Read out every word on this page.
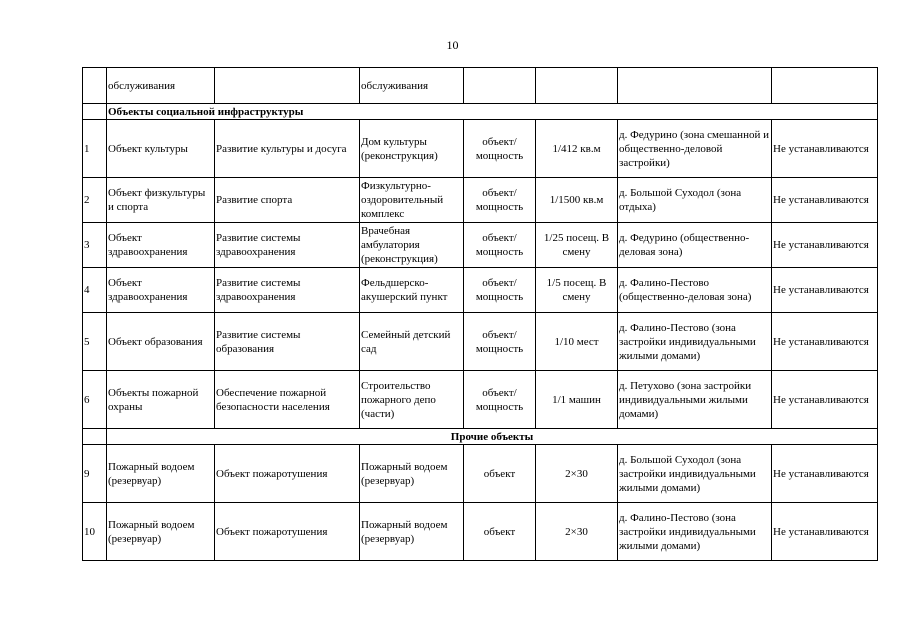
10
	обслуживания		обслуживания				
	Объекты социальной инфраструктуры						
1	Объект культуры	Развитие культуры и досуга	Дом культуры (реконструкция)	объект/ мощность	1/412 кв.м	д. Федурино (зона смешанной и общественно-деловой застройки)	Не устанавливаются
2	Объект физкультуры и спорта	Развитие спорта	Физкультурно-оздоровительный комплекс	объект/ мощность	1/1500 кв.м	д. Большой Суходол (зона отдыха)	Не устанавливаются
3	Объект здравоохранения	Развитие системы здравоохранения	Врачебная амбулатория (реконструкция)	объект/ мощность	1/25 посещ. В смену	д. Федурино (общественно-деловая зона)	Не устанавливаются
4	Объект здравоохранения	Развитие системы здравоохранения	Фельдшерско-акушерский пункт	объект/ мощность	1/5 посещ. В смену	д. Фалино-Пестово (общественно-деловая зона)	Не устанавливаются
5	Объект образования	Развитие системы образования	Семейный детский сад	объект/ мощность	1/10 мест	д. Фалино-Пестово (зона застройки индивидуальными жилыми домами)	Не устанавливаются
6	Объекты пожарной охраны	Обеспечение пожарной безопасности населения	Строительство пожарного депо (части)	объект/ мощность	1/1 машин	д. Петухово (зона застройки индивидуальными жилыми домами)	Не устанавливаются
	Прочие объекты						
9	Пожарный водоем (резервуар)	Объект пожаротушения	Пожарный водоем (резервуар)	объект	2×30	д. Большой Суходол (зона застройки индивидуальными жилыми домами)	Не устанавливаются
10	Пожарный водоем (резервуар)	Объект пожаротушения	Пожарный водоем (резервуар)	объект	2×30	д. Фалино-Пестово (зона застройки индивидуальными жилыми домами)	Не устанавливаются
